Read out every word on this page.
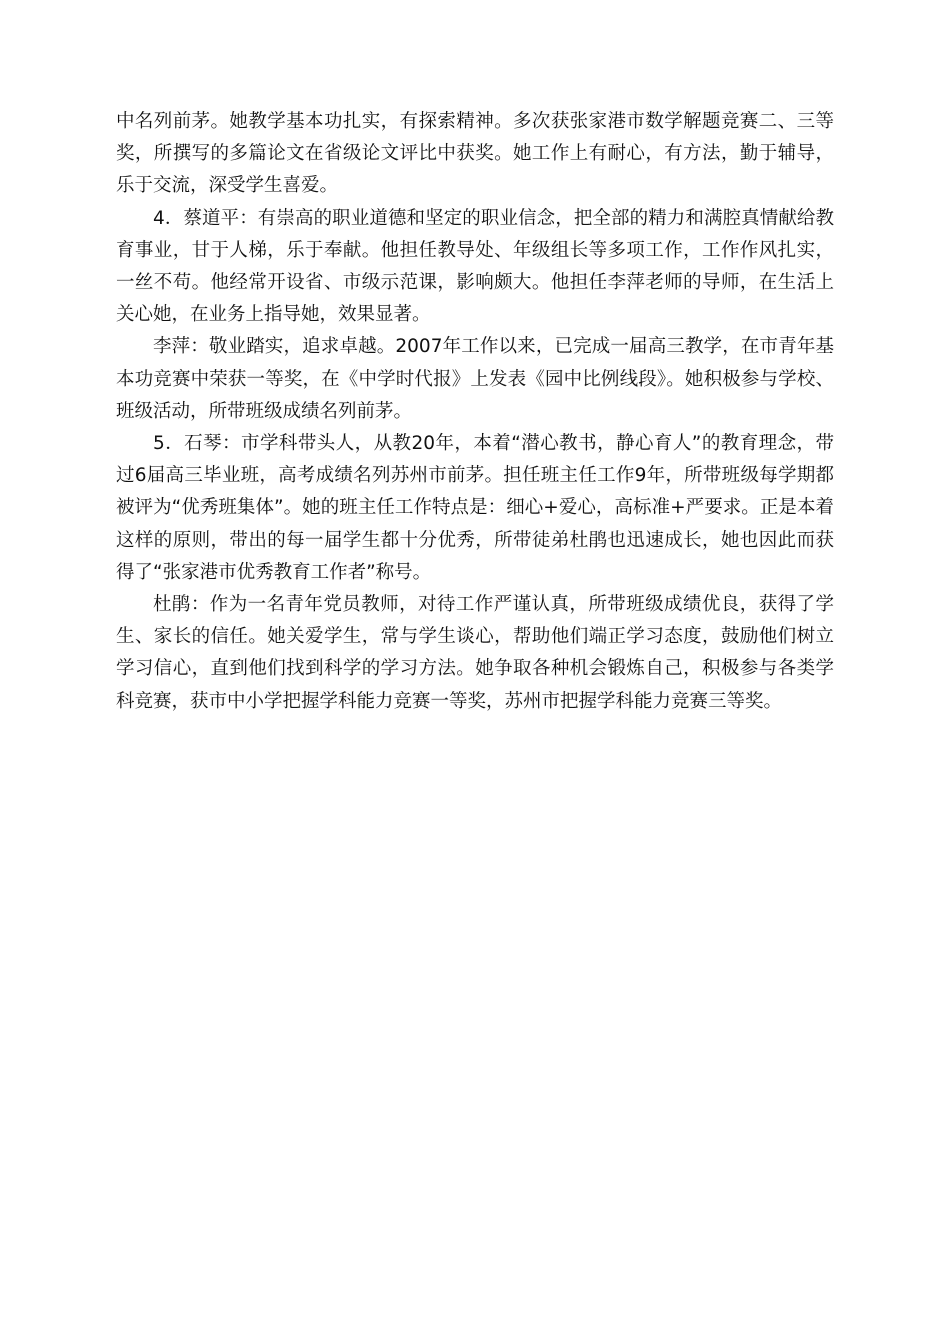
中名列前茅。她教学基本功扎实，有探索精神。多次获张家港市数学解题竞赛二、三等奖，所撰写的多篇论文在省级论文评比中获奖。她工作上有耐心，有方法，勤于辅导，乐于交流，深受学生喜爱。

4．蔡道平：有崇高的职业道德和坚定的职业信念，把全部的精力和满腔真情献给教育事业，甘于人梯，乐于奉献。他担任教导处、年级组长等多项工作，工作作风扎实，一丝不苟。他经常开设省、市级示范课，影响颇大。他担任李萍老师的导师，在生活上关心她，在业务上指导她，效果显著。

李萍：敬业踏实，追求卓越。2007年工作以来，已完成一届高三教学，在市青年基本功竞赛中荣获一等奖，在《中学时代报》上发表《园中比例线段》。她积极参与学校、班级活动，所带班级成绩名列前茅。

5．石琴：市学科带头人，从教20年，本着“潜心教书，静心育人”的教育理念，带过6届高三毕业班，高考成绩名列苏州市前茅。担任班主任工作9年，所带班级每学期都被评为“优秀班集体”。她的班主任工作特点是：细心+爱心，高标准+严要求。正是本着这样的原则，带出的每一届学生都十分优秀，所带徒弟杜鹃也迅速成长，她也因此而获得了“张家港市优秀教育工作者”称号。

杜鹃：作为一名青年党员教师，对待工作严谨认真，所带班级成绩优良，获得了学生、家长的信任。她关爱学生，常与学生谈心，帮助他们端正学习态度，鼓励他们树立学习信心，直到他们找到科学的学习方法。她争取各种机会锻炼自己，积极参与各类学科竞赛，获市中小学把握学科能力竞赛一等奖，苏州市把握学科能力竞赛三等奖。
